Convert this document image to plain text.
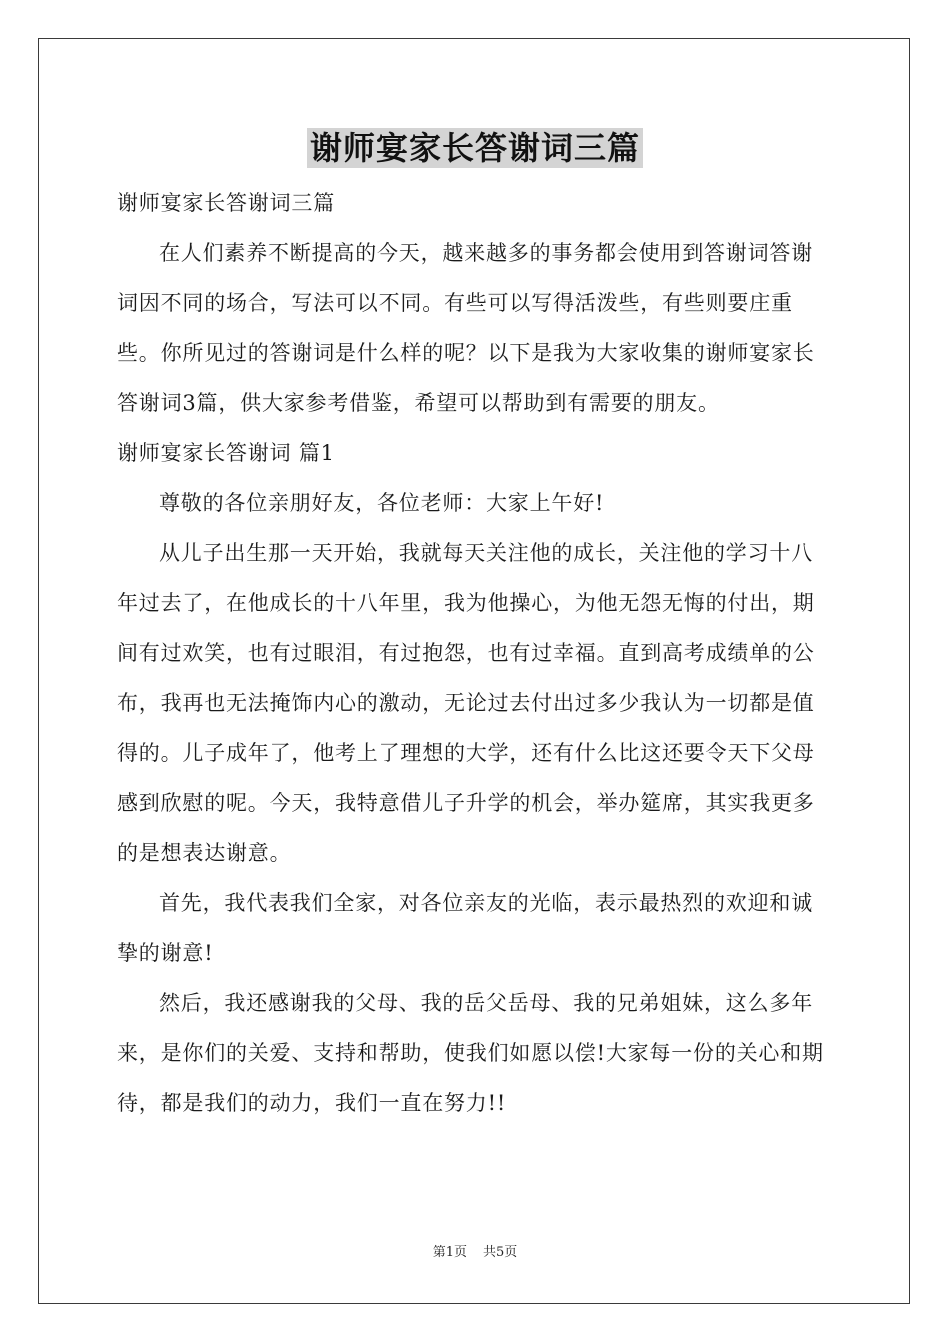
谢师宴家长答谢词三篇

谢师宴家长答谢词三篇

在人们素养不断提高的今天，越来越多的事务都会使用到答谢词答谢词因不同的场合，写法可以不同。有些可以写得活泼些，有些则要庄重些。你所见过的答谢词是什么样的呢？以下是我为大家收集的谢师宴家长答谢词3篇，供大家参考借鉴，希望可以帮助到有需要的朋友。

谢师宴家长答谢词 篇1

尊敬的各位亲朋好友，各位老师：大家上午好!

从儿子出生那一天开始，我就每天关注他的成长，关注他的学习十八年过去了，在他成长的十八年里，我为他操心，为他无怨无悔的付出，期间有过欢笑，也有过眼泪，有过抱怨，也有过幸福。直到高考成绩单的公布，我再也无法掩饰内心的激动，无论过去付出过多少我认为一切都是值得的。儿子成年了，他考上了理想的大学，还有什么比这还要令天下父母感到欣慰的呢。今天，我特意借儿子升学的机会，举办筵席，其实我更多的是想表达谢意。

首先，我代表我们全家，对各位亲友的光临，表示最热烈的欢迎和诚挚的谢意!

然后，我还感谢我的父母、我的岳父岳母、我的兄弟姐妹，这么多年来，是你们的关爱、支持和帮助，使我们如愿以偿!大家每一份的关心和期待，都是我们的动力，我们一直在努力!!

第1页 共5页
